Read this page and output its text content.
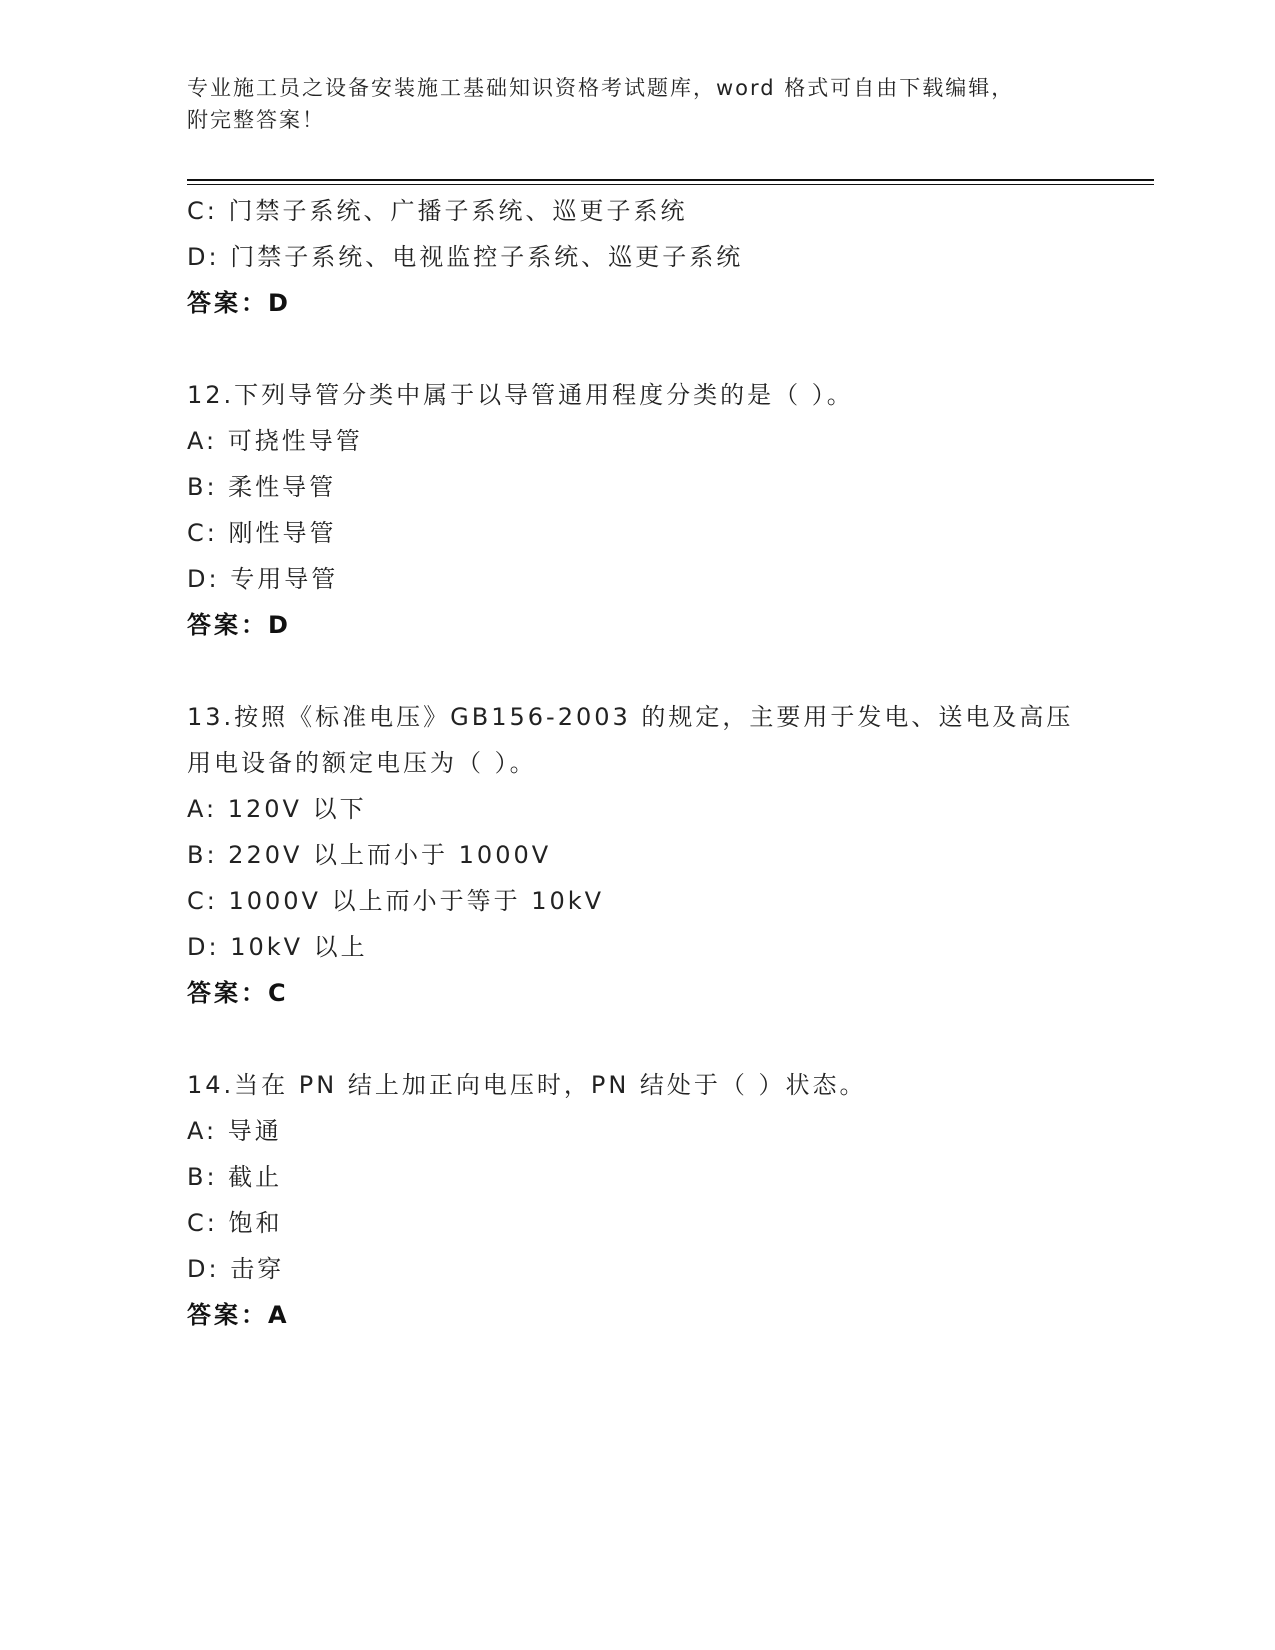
专业施工员之设备安装施工基础知识资格考试题库，word 格式可自由下载编辑，
附完整答案！
C: 门禁子系统、广播子系统、巡更子系统
D: 门禁子系统、电视监控子系统、巡更子系统
答案：D
12.下列导管分类中属于以导管通用程度分类的是（ ）。
A: 可挠性导管
B: 柔性导管
C: 刚性导管
D: 专用导管
答案：D
13.按照《标准电压》GB156-2003 的规定，主要用于发电、送电及高压
用电设备的额定电压为（ ）。
A: 120V 以下
B: 220V 以上而小于 1000V
C: 1000V 以上而小于等于 10kV
D: 10kV 以上
答案：C
14.当在 PN 结上加正向电压时，PN 结处于（ ）状态。
A: 导通
B: 截止
C: 饱和
D: 击穿
答案：A
